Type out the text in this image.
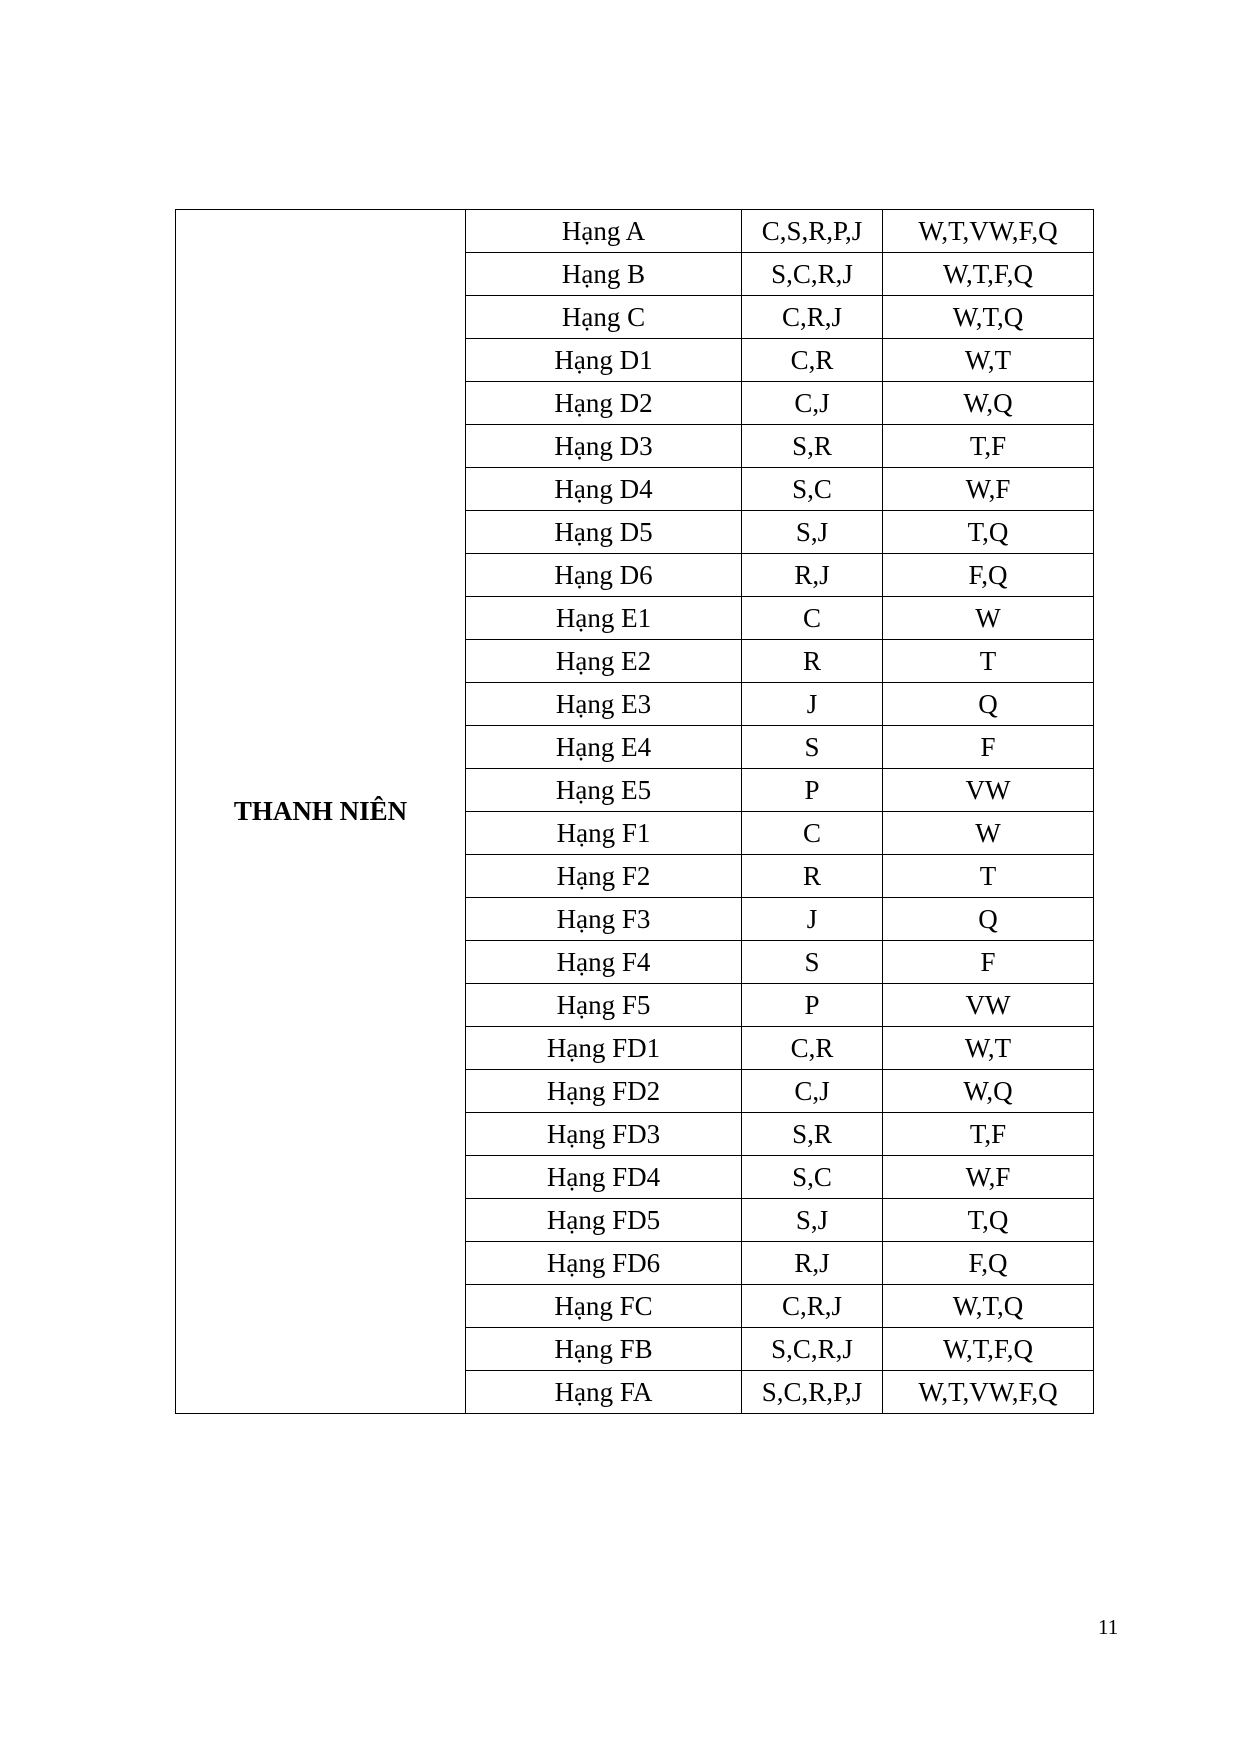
THANH NIÊN	Hạng A	C,S,R,P,J	W,T,VW,F,Q
	Hạng B	S,C,R,J	W,T,F,Q
	Hạng C	C,R,J	W,T,Q
	Hạng D1	C,R	W,T
	Hạng D2	C,J	W,Q
	Hạng D3	S,R	T,F
	Hạng D4	S,C	W,F
	Hạng D5	S,J	T,Q
	Hạng D6	R,J	F,Q
	Hạng E1	C	W
	Hạng E2	R	T
	Hạng E3	J	Q
	Hạng E4	S	F
	Hạng E5	P	VW
	Hạng F1	C	W
	Hạng F2	R	T
	Hạng F3	J	Q
	Hạng F4	S	F
	Hạng F5	P	VW
	Hạng FD1	C,R	W,T
	Hạng FD2	C,J	W,Q
	Hạng FD3	S,R	T,F
	Hạng FD4	S,C	W,F
	Hạng FD5	S,J	T,Q
	Hạng FD6	R,J	F,Q
	Hạng FC	C,R,J	W,T,Q
	Hạng FB	S,C,R,J	W,T,F,Q
	Hạng FA	S,C,R,P,J	W,T,VW,F,Q
11
